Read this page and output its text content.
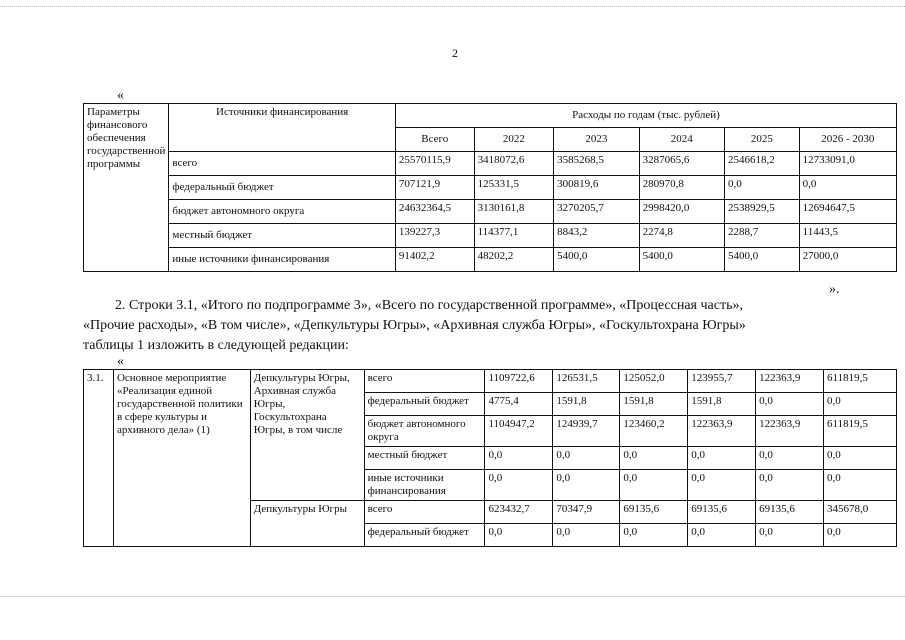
2
«
Параметры финансового обеспечения государственной программы	Источники финансирования	Расходы по годам (тыс. рублей)					
		Всего	2022	2023	2024	2025	2026 - 2030
	всего	25570115,9	3418072,6	3585268,5	3287065,6	2546618,2	12733091,0
	федеральный бюджет	707121,9	125331,5	300819,6	280970,8	0,0	0,0
	бюджет автономного округа	24632364,5	3130161,8	3270205,7	2998420,0	2538929,5	12694647,5
	местный бюджет	139227,3	114377,1	8843,2	2274,8	2288,7	11443,5
	иные источники финансирования	91402,2	48202,2	5400,0	5400,0	5400,0	27000,0
».
2. Строки 3.1, «Итого по подпрограмме 3», «Всего по государственной программе», «Процессная часть»,
«Прочие расходы», «В том числе», «Депкультуры Югры», «Архивная служба Югры», «Госкультохрана Югры»
таблицы 1 изложить в следующей редакции:
«
3.1.	Основное мероприятие «Реализация единой государственной политики в сфере культуры и архивного дела» (1)	Депкультуры Югры, Архивная служба Югры, Госкультохрана Югры, в том числе	всего	1109722,6	126531,5	125052,0	123955,7	122363,9	611819,5
			федеральный бюджет	4775,4	1591,8	1591,8	1591,8	0,0	0,0
			бюджет автономного округа	1104947,2	124939,7	123460,2	122363,9	122363,9	611819,5
			местный бюджет	0,0	0,0	0,0	0,0	0,0	0,0
			иные источники финансирования	0,0	0,0	0,0	0,0	0,0	0,0
		Депкультуры Югры	всего	623432,7	70347,9	69135,6	69135,6	69135,6	345678,0
			федеральный бюджет	0,0	0,0	0,0	0,0	0,0	0,0
